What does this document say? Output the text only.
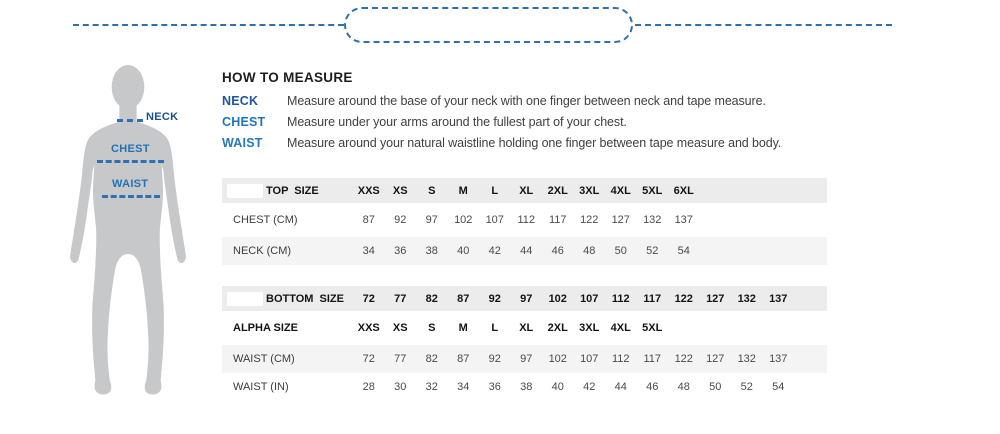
NECK
CHEST
WAIST
HOW TO MEASURE
NECK	Measure around the base of your neck with one finger between neck and tape measure.
CHEST	Measure under your arms around the fullest part of your chest.
WAIST	Measure around your natural waistline holding one finger between tape measure and body.
TOP SIZE	XXS	XS	S	M	L	XL	2XL	3XL	4XL	5XL	6XL
CHEST (CM)	87	92	97	102	107	112	117	122	127	132	137
NECK (CM)	34	36	38	40	42	44	46	48	50	52	54
BOTTOM SIZE	72	77	82	87	92	97	102	107	112	117	122	127	132	137
ALPHA SIZE	XXS	XS	S	M	L	XL	2XL	3XL	4XL	5XL
WAIST (CM)	72	77	82	87	92	97	102	107	112	117	122	127	132	137
WAIST (IN)	28	30	32	34	36	38	40	42	44	46	48	50	52	54
